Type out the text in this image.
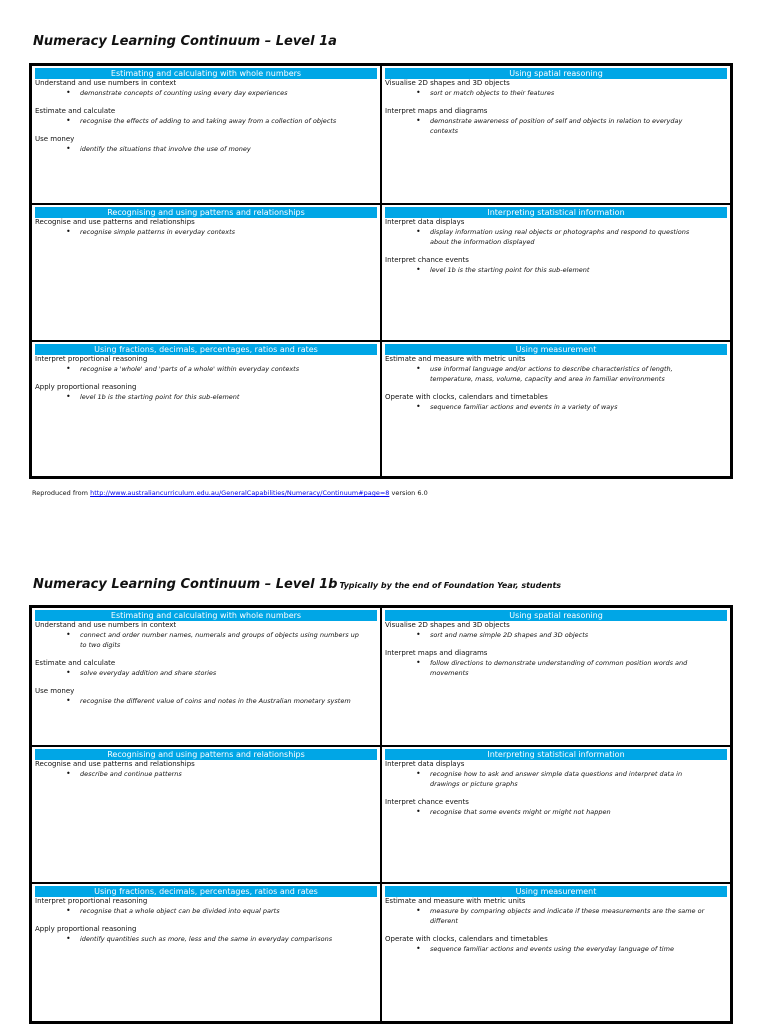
Numeracy Learning Continuum – Level 1a
Estimating and calculating with whole numbers
Understand and use numbers in context
• demonstrate concepts of counting using every day experiences
Estimate and calculate
• recognise the effects of adding to and taking away from a collection of objects
Use money
• identify the situations that involve the use of money
Using spatial reasoning
Visualise 2D shapes and 3D objects
• sort or match objects to their features
Interpret maps and diagrams
• demonstrate awareness of position of self and objects in relation to everyday contexts
Recognising and using patterns and relationships
Recognise and use patterns and relationships
• recognise simple patterns in everyday contexts
Interpreting statistical information
Interpret data displays
• display information using real objects or photographs and respond to questions about the information displayed
Interpret chance events
• level 1b is the starting point for this sub-element
Using fractions, decimals, percentages, ratios and rates
Interpret proportional reasoning
• recognise a 'whole' and 'parts of a whole' within everyday contexts
Apply proportional reasoning
• level 1b is the starting point for this sub-element
Using measurement
Estimate and measure with metric units
• use informal language and/or actions to describe characteristics of length, temperature, mass, volume, capacity and area in familiar environments
Operate with clocks, calendars and timetables
• sequence familiar actions and events in a variety of ways
Reproduced from http://www.australiancurriculum.edu.au/GeneralCapabilities/Numeracy/Continuum#page=8 version 6.0
Numeracy Learning Continuum – Level 1b Typically by the end of Foundation Year, students
Estimating and calculating with whole numbers
Understand and use numbers in context
• connect and order number names, numerals and groups of objects using numbers up to two digits
Estimate and calculate
• solve everyday addition and share stories
Use money
• recognise the different value of coins and notes in the Australian monetary system
Using spatial reasoning
Visualise 2D shapes and 3D objects
• sort and name simple 2D shapes and 3D objects
Interpret maps and diagrams
• follow directions to demonstrate understanding of common position words and movements
Recognising and using patterns and relationships
Recognise and use patterns and relationships
• describe and continue patterns
Interpreting statistical information
Interpret data displays
• recognise how to ask and answer simple data questions and interpret data in drawings or picture graphs
Interpret chance events
• recognise that some events might or might not happen
Using fractions, decimals, percentages, ratios and rates
Interpret proportional reasoning
• recognise that a whole object can be divided into equal parts
Apply proportional reasoning
• identify quantities such as more, less and the same in everyday comparisons
Using measurement
Estimate and measure with metric units
• measure by comparing objects and indicate if these measurements are the same or different
Operate with clocks, calendars and timetables
• sequence familiar actions and events using the everyday language of time
